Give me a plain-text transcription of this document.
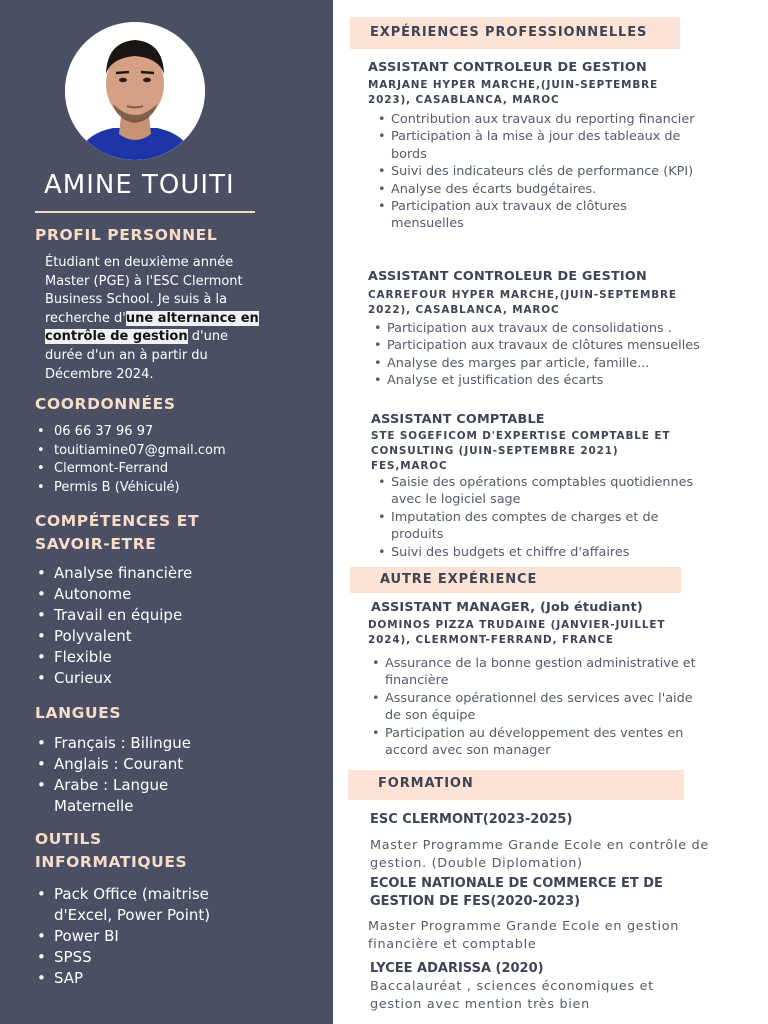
AMINE TOUITI
PROFIL PERSONNEL
Étudiant en deuxième année Master (PGE) à l'ESC Clermont Business School. Je suis à la recherche d'une alternance en contrôle de gestion d'une durée d'un an à partir du Décembre 2024.
COORDONNÉES
• 06 66 37 96 97
• touitiamine07@gmail.com
• Clermont-Ferrand
• Permis B (Véhiculé)
COMPÉTENCES ET
SAVOIR-ETRE
• Analyse financière
• Autonome
• Travail en équipe
• Polyvalent
• Flexible
• Curieux
LANGUES
• Français : Bilingue
• Anglais : Courant
• Arabe : Langue Maternelle
OUTILS
INFORMATIQUES
• Pack Office (maitrise d'Excel, Power Point)
• Power BI
• SPSS
• SAP
EXPÉRIENCES PROFESSIONNELLES
ASSISTANT CONTROLEUR DE GESTION
MARJANE HYPER MARCHE,(JUIN-SEPTEMBRE
2023), CASABLANCA, MAROC
• Contribution aux travaux du reporting financier
• Participation à la mise à jour des tableaux de bords
• Suivi des indicateurs clés de performance (KPI)
• Analyse des écarts budgétaires.
• Participation aux travaux de clôtures mensuelles
ASSISTANT CONTROLEUR DE GESTION
CARREFOUR HYPER MARCHE,(JUIN-SEPTEMBRE
2022), CASABLANCA, MAROC
• Participation aux travaux de consolidations .
• Participation aux travaux de clôtures mensuelles
• Analyse des marges par article, famille...
• Analyse et justification des écarts
ASSISTANT COMPTABLE
STE SOGEFICOM D'EXPERTISE COMPTABLE ET
CONSULTING (JUIN-SEPTEMBRE 2021)
FES,MAROC
• Saisie des opérations comptables quotidiennes avec le logiciel sage
• Imputation des comptes de charges et de produits
• Suivi des budgets et chiffre d'affaires
AUTRE EXPÉRIENCE
ASSISTANT MANAGER, (Job étudiant)
DOMINOS PIZZA TRUDAINE (JANVIER-JUILLET
2024), CLERMONT-FERRAND, FRANCE
• Assurance de la bonne gestion administrative et financière
• Assurance opérationnel des services avec l'aide de son équipe
• Participation au développement des ventes en accord avec son manager
FORMATION
ESC CLERMONT(2023-2025)
Master Programme Grande Ecole en contrôle de gestion. (Double Diplomation)
ECOLE NATIONALE DE COMMERCE ET DE GESTION DE FES(2020-2023)
Master Programme Grande Ecole en gestion financière et comptable
LYCEE ADARISSA (2020)
Baccalauréat , sciences économiques et gestion avec mention très bien
